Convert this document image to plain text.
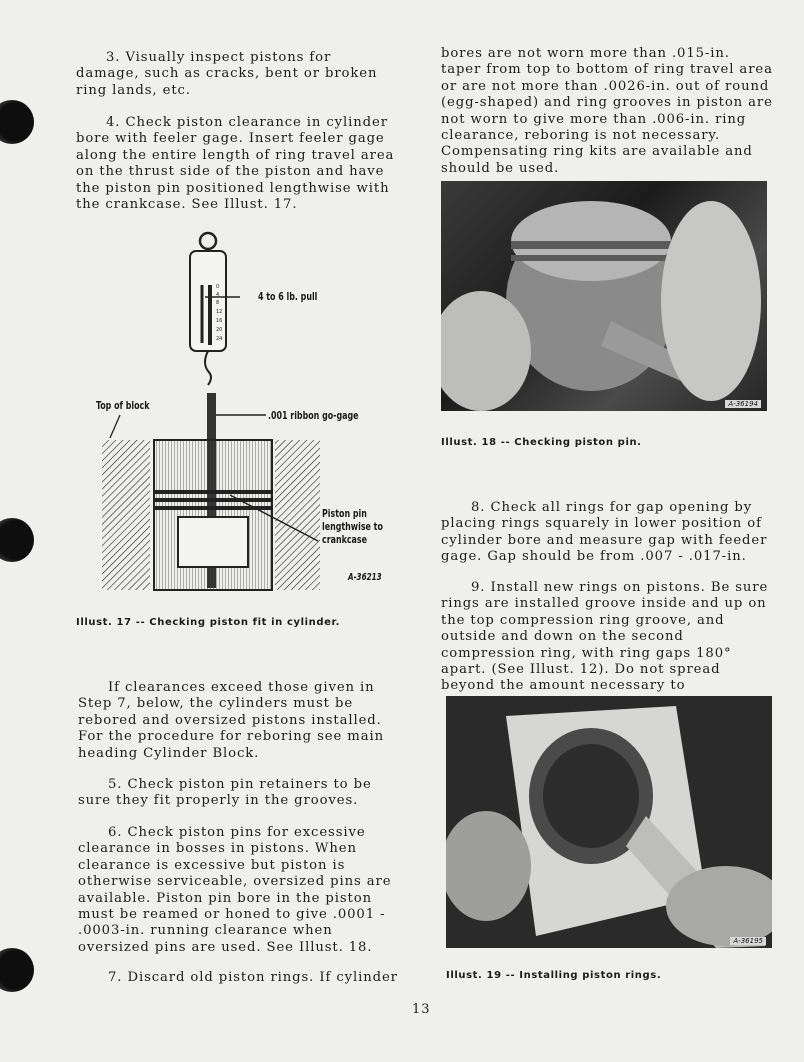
3. Visually inspect pistons for damage, such as cracks, bent or broken ring lands, etc.

4. Check piston clearance in cylinder bore with feeler gage. Insert feeler gage along the entire length of ring travel area on the thrust side of the piston and have the piston pin positioned lengthwise with the crankcase. See Illust. 17.

0
4
8
12
16
20
24
4 to 6 lb. pull
Top of block
.001 ribbon go-gage
Piston pin
lengthwise to
crankcase
A-36213

Illust. 17 -- Checking piston fit in cylinder.

If clearances exceed those given in Step 7, below, the cylinders must be rebored and oversized pistons installed. For the procedure for reboring see main heading Cylinder Block.

5. Check piston pin retainers to be sure they fit properly in the grooves.

6. Check piston pins for excessive clearance in bosses in pistons. When clearance is excessive but piston is otherwise serviceable, oversized pins are available. Piston pin bore in the piston must be reamed or honed to give .0001 - .0003-in. running clearance when oversized pins are used. See Illust. 18.

7. Discard old piston rings. If cylinder

bores are not worn more than .015-in. taper from top to bottom of ring travel area or are not more than .0026-in. out of round (egg-shaped) and ring grooves in piston are not worn to give more than .006-in. ring clearance, reboring is not necessary. Compensating ring kits are available and should be used.

A-36194

Illust. 18 -- Checking piston pin.

8. Check all rings for gap opening by placing rings squarely in lower position of cylinder bore and measure gap with feeder gage. Gap should be from .007 - .017-in.

9. Install new rings on pistons. Be sure rings are installed groove inside and up on the top compression ring groove, and outside and down on the second compression ring, with ring gaps 180° apart. (See Illust. 12). Do not spread beyond the amount necessary to

A-36195

Illust. 19 -- Installing piston rings.

13
